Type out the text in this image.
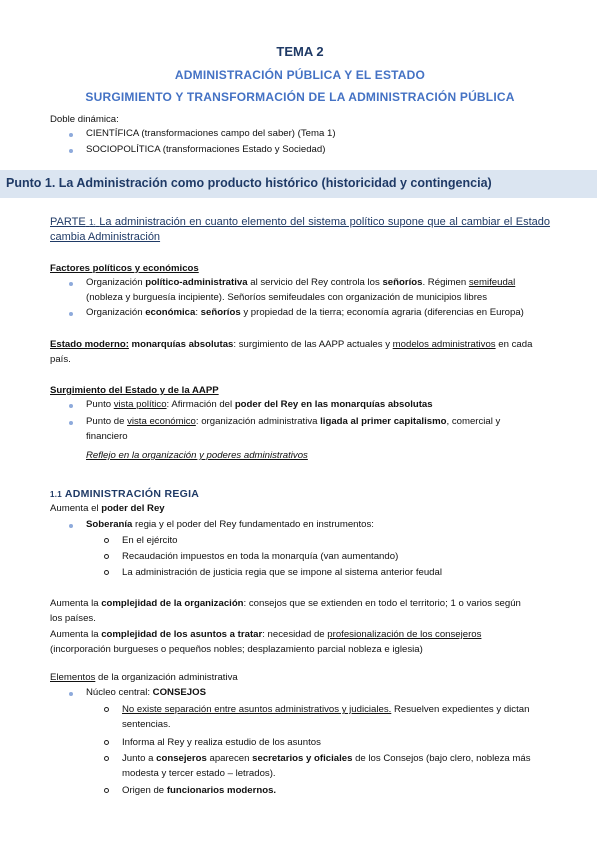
TEMA 2
ADMINISTRACIÓN PÚBLICA Y EL ESTADO
SURGIMIENTO Y TRANSFORMACIÓN DE LA ADMINISTRACIÓN PÚBLICA
Doble dinámica:
CIENTÍFICA (transformaciones campo del saber) (Tema 1)
SOCIOPOLÍTICA (transformaciones Estado y Sociedad)
Punto 1. La Administración como producto histórico (historicidad y contingencia)
PARTE 1. La administración en cuanto elemento del sistema político supone que al cambiar el Estado cambia Administración
Factores políticos y económicos
Organización político-administrativa al servicio del Rey controla los señoríos. Régimen semifeudal
(nobleza y burguesía incipiente). Señoríos semifeudales con organización de municipios libres
Organización económica: señoríos y propiedad de la tierra; economía agraria (diferencias en Europa)
Estado moderno: monarquías absolutas: surgimiento de las AAPP actuales y modelos administrativos en cada
país.
Surgimiento del Estado y de la AAPP
Punto vista político: Afirmación del poder del Rey en las monarquías absolutas
Punto de vista económico: organización administrativa ligada al primer capitalismo, comercial y
financiero
Reflejo en la organización y poderes administrativos
1.1 ADMINISTRACIÓN REGIA
Aumenta el poder del Rey
Soberanía regia y el poder del Rey fundamentado en instrumentos:
En el ejército
Recaudación impuestos en toda la monarquía (van aumentando)
La administración de justicia regia que se impone al sistema anterior feudal
Aumenta la complejidad de la organización: consejos que se extienden en todo el territorio; 1 o varios según
los países.
Aumenta la complejidad de los asuntos a tratar: necesidad de profesionalización de los consejeros
(incorporación burgueses o pequeños nobles; desplazamiento parcial nobleza e iglesia)
Elementos de la organización administrativa
Núcleo central: CONSEJOS
No existe separación entre asuntos administrativos y judiciales. Resuelven expedientes y dictan
sentencias.
Informa al Rey y realiza estudio de los asuntos
Junto a consejeros aparecen secretarios y oficiales de los Consejos (bajo clero, nobleza más
modesta y tercer estado – letrados).
Origen de funcionarios modernos.
